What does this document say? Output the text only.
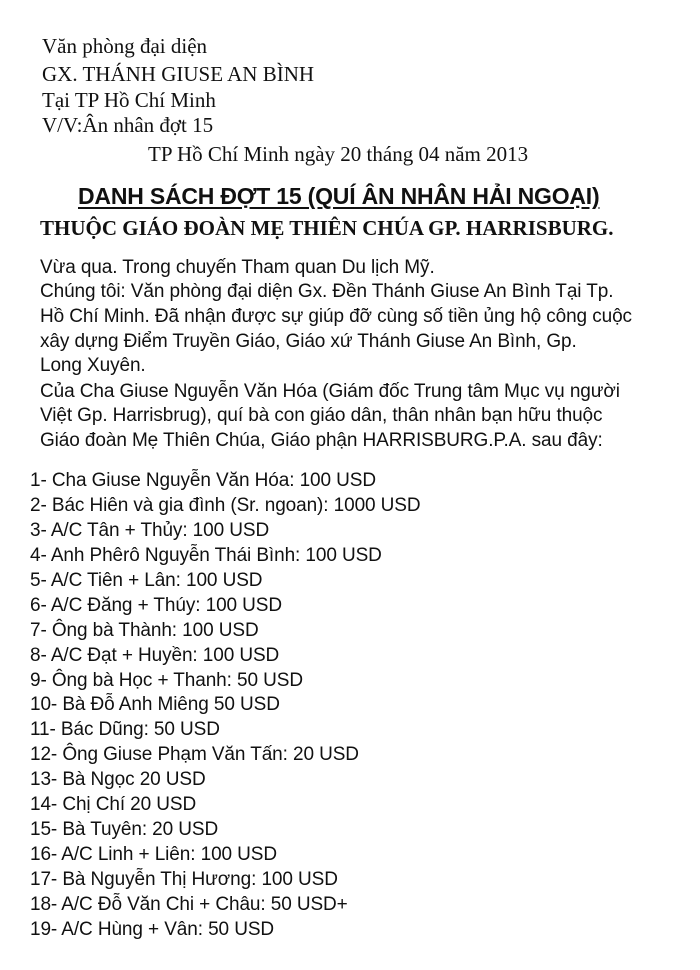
Văn phòng đại diện
GX. THÁNH GIUSE AN BÌNH
Tại TP Hồ Chí Minh
V/V:Ân nhân đợt 15
TP Hồ Chí Minh ngày 20 tháng 04 năm 2013
DANH SÁCH ĐỢT 15 (QUÍ ÂN NHÂN HẢI NGOẠI)
THUỘC GIÁO ĐOÀN MẸ THIÊN CHÚA GP. HARRISBURG.
Vừa qua. Trong chuyến Tham quan Du lịch Mỹ.
Chúng tôi: Văn phòng đại diện Gx. Đền Thánh Giuse An Bình Tại Tp.
Hồ Chí Minh. Đã nhận được sự giúp đỡ cùng số tiền ủng hộ công cuộc
xây dựng Điểm Truyền Giáo, Giáo xứ Thánh Giuse An Bình, Gp.
Long Xuyên.
Của Cha Giuse Nguyễn Văn Hóa (Giám đốc Trung tâm Mục vụ người
Việt Gp. Harrisbrug), quí bà con giáo dân, thân nhân bạn hữu thuộc
Giáo đoàn Mẹ Thiên Chúa, Giáo phận HARRISBURG.P.A. sau đây:
1- Cha Giuse Nguyễn Văn Hóa: 100 USD
2- Bác Hiên và gia đình (Sr. ngoan): 1000 USD
3- A/C Tân + Thủy: 100 USD
4- Anh Phêrô Nguyễn Thái Bình: 100 USD
5- A/C Tiên + Lân: 100 USD
6- A/C Đăng + Thúy: 100 USD
7- Ông bà Thành: 100 USD
8- A/C Đạt + Huyền: 100 USD
9- Ông bà Học + Thanh: 50 USD
10- Bà Đỗ Anh Miêng 50 USD
11- Bác Dũng: 50 USD
12- Ông Giuse Phạm Văn Tấn: 20 USD
13- Bà Ngọc 20 USD
14- Chị Chí 20 USD
15- Bà Tuyên: 20 USD
16- A/C Linh + Liên: 100 USD
17- Bà Nguyễn Thị Hương: 100 USD
18- A/C Đỗ Văn Chi + Châu: 50 USD+
19- A/C Hùng + Vân: 50 USD
